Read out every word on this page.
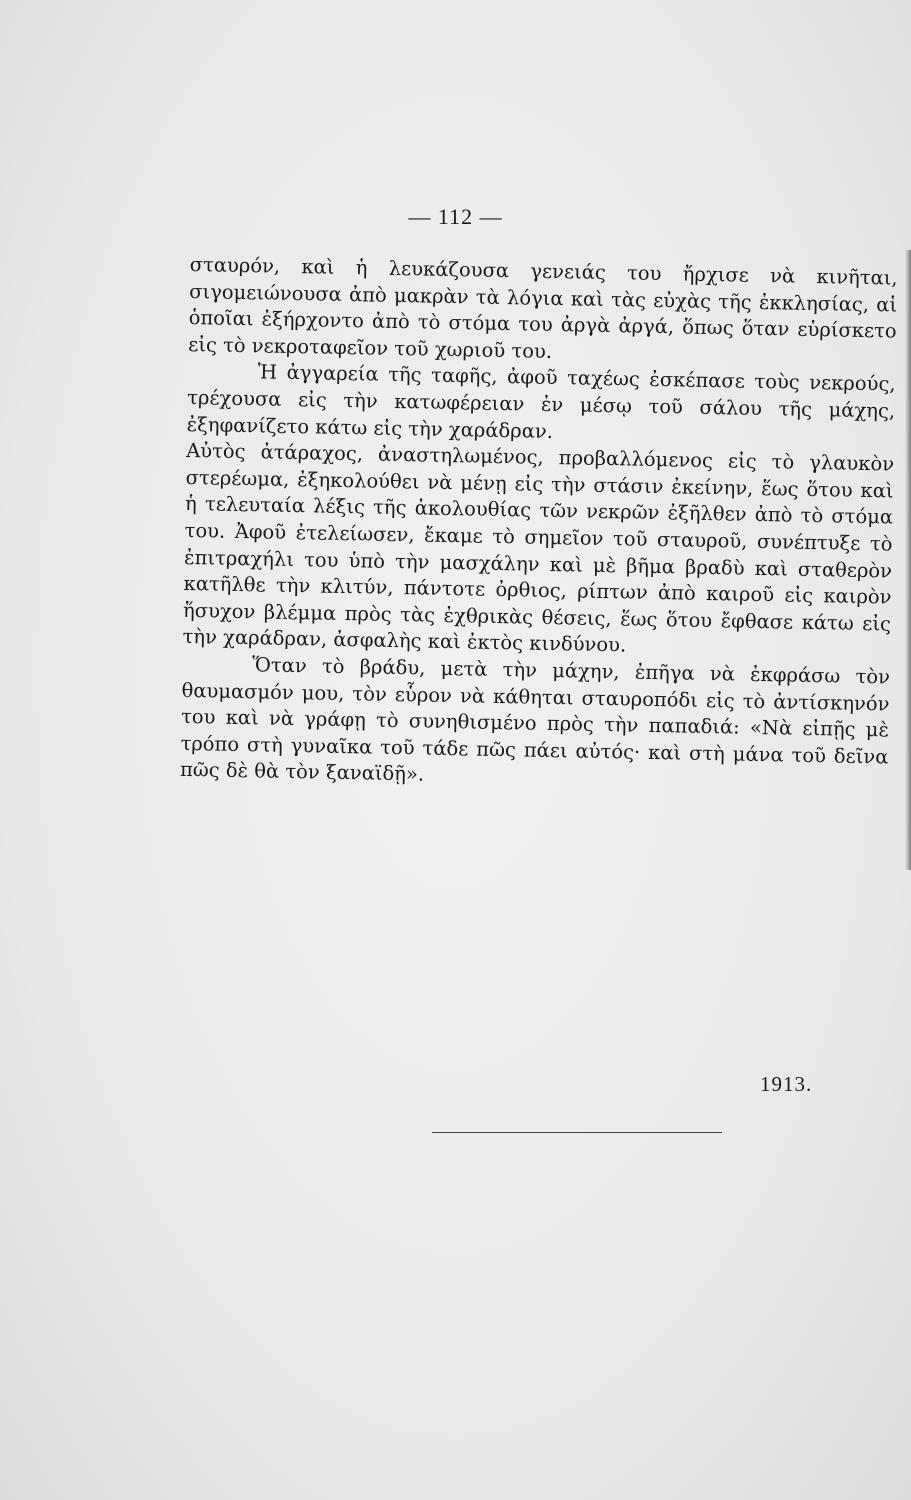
— 112 —

σταυρόν, καὶ ἡ λευκάζουσα γενειάς του ἤρχισε νὰ κινῆται, σιγομειώνουσα ἀπὸ μακρὰν τὰ λόγια καὶ τὰς εὐχὰς τῆς ἐκκλησίας, αἱ ὁποῖαι ἐξήρχοντο ἀπὸ τὸ στόμα του ἀργὰ ἀργά, ὅπως ὅταν εὑρίσκετο εἰς τὸ νεκροταφεῖον τοῦ χωριοῦ του.

Ἡ ἀγγαρεία τῆς ταφῆς, ἀφοῦ ταχέως ἐσκέπασε τοὺς νεκρούς, τρέχουσα εἰς τὴν κατωφέρειαν ἐν μέσῳ τοῦ σάλου τῆς μάχης, ἐξηφανίζετο κάτω εἰς τὴν χαράδραν.

Αὐτὸς ἀτάραχος, ἀναστηλωμένος, προβαλλόμενος εἰς τὸ γλαυκὸν στερέωμα, ἐξηκολούθει νὰ μένῃ εἰς τὴν στάσιν ἐκείνην, ἕως ὅτου καὶ ἡ τελευταία λέξις τῆς ἀκολουθίας τῶν νεκρῶν ἐξῆλθεν ἀπὸ τὸ στόμα του. Ἀφοῦ ἐτελείωσεν, ἔκαμε τὸ σημεῖον τοῦ σταυροῦ, συνέπτυξε τὸ ἐπιτραχήλι του ὑπὸ τὴν μασχάλην καὶ μὲ βῆμα βραδὺ καὶ σταθερὸν κατῆλθε τὴν κλιτύν, πάντοτε ὀρθιος, ρίπτων ἀπὸ καιροῦ εἰς καιρὸν ἥσυχον βλέμμα πρὸς τὰς ἐχθρικὰς θέσεις, ἕως ὅτου ἔφθασε κάτω εἰς τὴν χαράδραν, ἀσφαλὴς καὶ ἐκτὸς κινδύνου.

Ὅταν τὸ βράδυ, μετὰ τὴν μάχην, ἐπῆγα νὰ ἐκφράσω τὸν θαυμασμόν μου, τὸν εὗρον νὰ κάθηται σταυροπόδι εἰς τὸ ἀντίσκηνόν του καὶ νὰ γράφῃ τὸ συνηθισμένο πρὸς τὴν παπαδιά: «Νὰ εἰπῇς μὲ τρόπο στὴ γυναῖκα τοῦ τάδε πῶς πάει αὐτός· καὶ στὴ μάνα τοῦ δεῖνα πῶς δὲ θὰ τὸν ξαναϊδῇ».

1913.
